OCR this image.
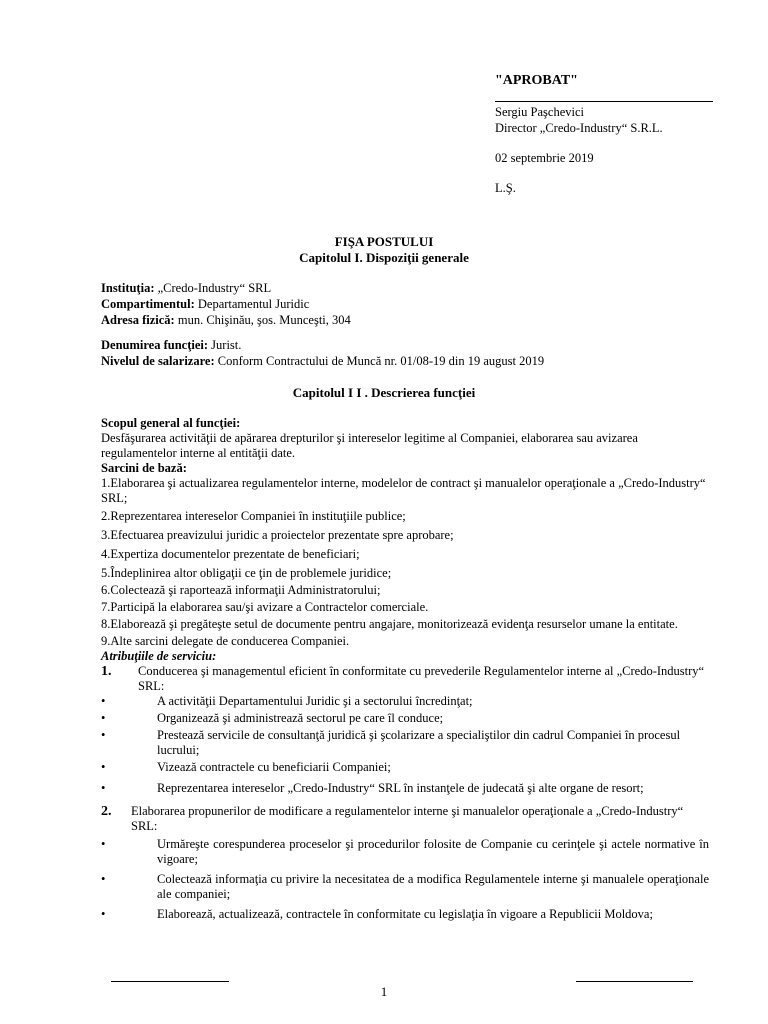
"APROBAT"
Sergiu Paşchevici
Director „Credo-Industry“ S.R.L.
02 septembrie 2019
L.Ş.
FIŞA POSTULUI
Capitolul I. Dispoziţii generale
Instituţia: „Credo-Industry“ SRL
Compartimentul: Departamentul Juridic
Adresa fizică: mun. Chişinău, şos. Munceşti, 304
Denumirea funcţiei: Jurist.
Nivelul de salarizare: Conform Contractului de Muncă nr. 01/08-19 din 19 august 2019
Capitolul I I . Descrierea funcţiei
Scopul general al funcţiei:
Desfăşurarea activităţii de apărarea drepturilor şi intereselor legitime al Companiei, elaborarea sau avizarea regulamentelor interne al entităţii date.
Sarcini de bază:
1.Elaborarea şi actualizarea regulamentelor interne, modelelor de contract şi manualelor operaţionale a „Credo-Industry“ SRL;
2.Reprezentarea intereselor Companiei în instituţiile publice;
3.Efectuarea preavizului juridic a proiectelor prezentate spre aprobare;
4.Expertiza documentelor prezentate de beneficiari;
5.Îndeplinirea altor obligaţii ce ţin de problemele juridice;
6.Colectează şi raportează informaţii Administratorului;
7.Participă la elaborarea sau/şi avizare a Contractelor comerciale.
8.Elaborează şi pregăteşte setul de documente pentru angajare, monitorizează evidenţa resurselor umane la entitate.
9.Alte sarcini delegate de conducerea Companiei.
Atribuţiile de serviciu:
1.	Conducerea şi managementul eficient în conformitate cu prevederile Regulamentelor interne al „Credo-Industry“ SRL:
•	A activităţii Departamentului Juridic şi a sectorului încredinţat;
•	Organizează şi administrează sectorul pe care îl conduce;
•	Prestează servicile de consultanţă juridică şi şcolarizare a specialiştilor din cadrul Companiei în procesul lucrului;
•	Vizează contractele cu beneficiarii Companiei;
•	Reprezentarea intereselor „Credo-Industry“ SRL în instanţele de judecată şi alte organe de resort;
2.	Elaborarea propunerilor de modificare a regulamentelor interne şi manualelor operaţionale a „Credo-Industry“ SRL:
•	Urmăreşte corespunderea proceselor şi procedurilor folosite de Companie cu cerinţele şi actele normative în vigoare;
•	Colectează informaţia cu privire la necesitatea de a modifica Regulamentele interne şi manualele operaţionale ale companiei;
•	Elaborează, actualizează, contractele în conformitate cu legislaţia în vigoare a Republicii Moldova;
1
